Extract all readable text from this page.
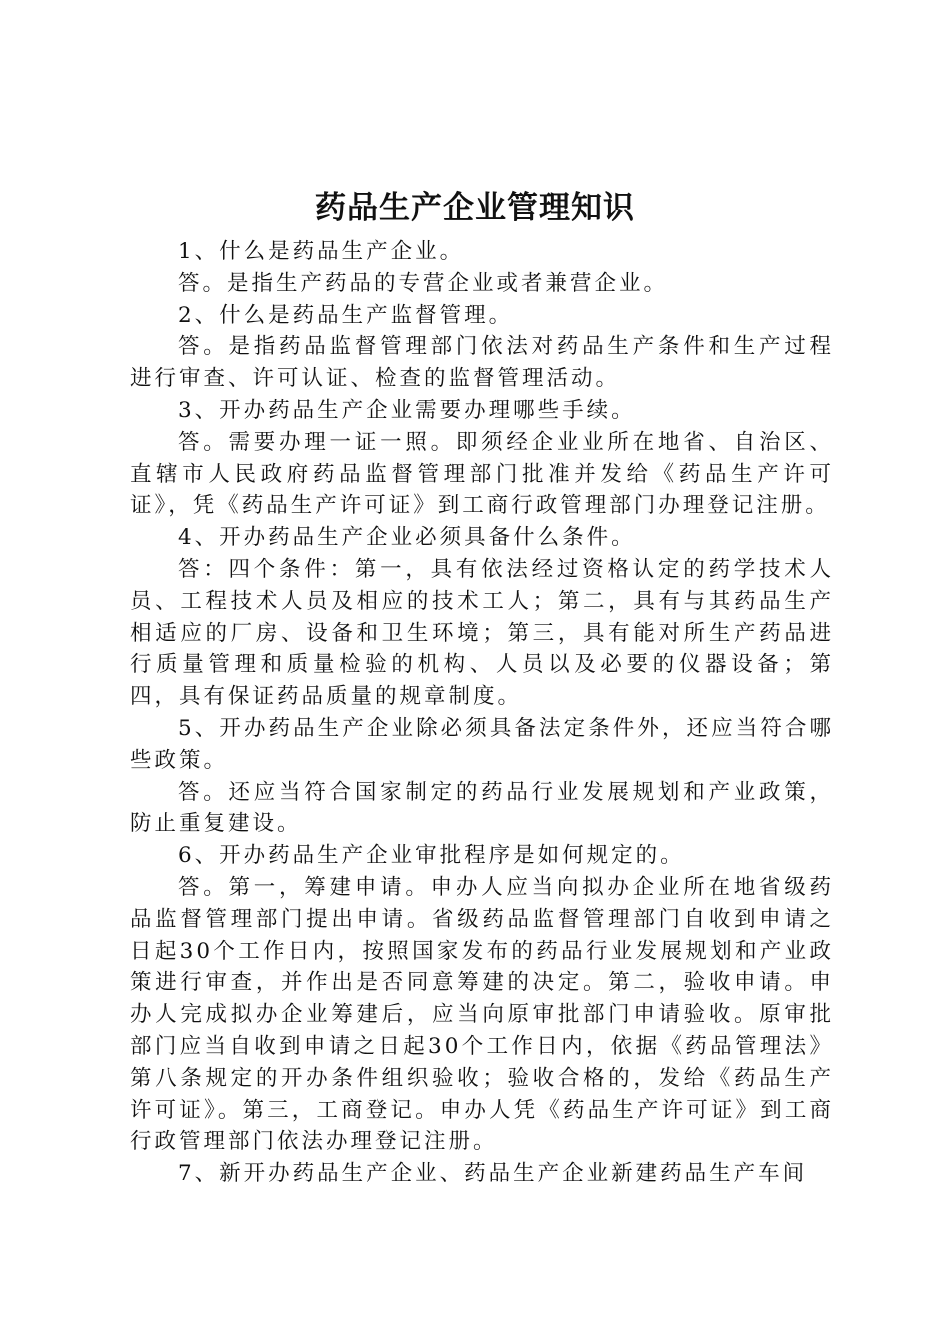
药品生产企业管理知识

1、什么是药品生产企业。

答。是指生产药品的专营企业或者兼营企业。

2、什么是药品生产监督管理。

答。是指药品监督管理部门依法对药品生产条件和生产过程进行审查、许可认证、检查的监督管理活动。

3、开办药品生产企业需要办理哪些手续。

答。需要办理一证一照。即须经企业业所在地省、自治区、直辖市人民政府药品监督管理部门批准并发给《药品生产许可证》，凭《药品生产许可证》到工商行政管理部门办理登记注册。

4、开办药品生产企业必须具备什么条件。

答：四个条件：第一，具有依法经过资格认定的药学技术人员、工程技术人员及相应的技术工人；第二，具有与其药品生产相适应的厂房、设备和卫生环境；第三，具有能对所生产药品进行质量管理和质量检验的机构、人员以及必要的仪器设备；第四，具有保证药品质量的规章制度。

5、开办药品生产企业除必须具备法定条件外，还应当符合哪些政策。

答。还应当符合国家制定的药品行业发展规划和产业政策，防止重复建设。

6、开办药品生产企业审批程序是如何规定的。

答。第一，筹建申请。申办人应当向拟办企业所在地省级药品监督管理部门提出申请。省级药品监督管理部门自收到申请之日起30个工作日内，按照国家发布的药品行业发展规划和产业政策进行审查，并作出是否同意筹建的决定。第二，验收申请。申办人完成拟办企业筹建后，应当向原审批部门申请验收。原审批部门应当自收到申请之日起30个工作日内，依据《药品管理法》第八条规定的开办条件组织验收；验收合格的，发给《药品生产许可证》。第三，工商登记。申办人凭《药品生产许可证》到工商行政管理部门依法办理登记注册。

7、新开办药品生产企业、药品生产企业新建药品生产车间
